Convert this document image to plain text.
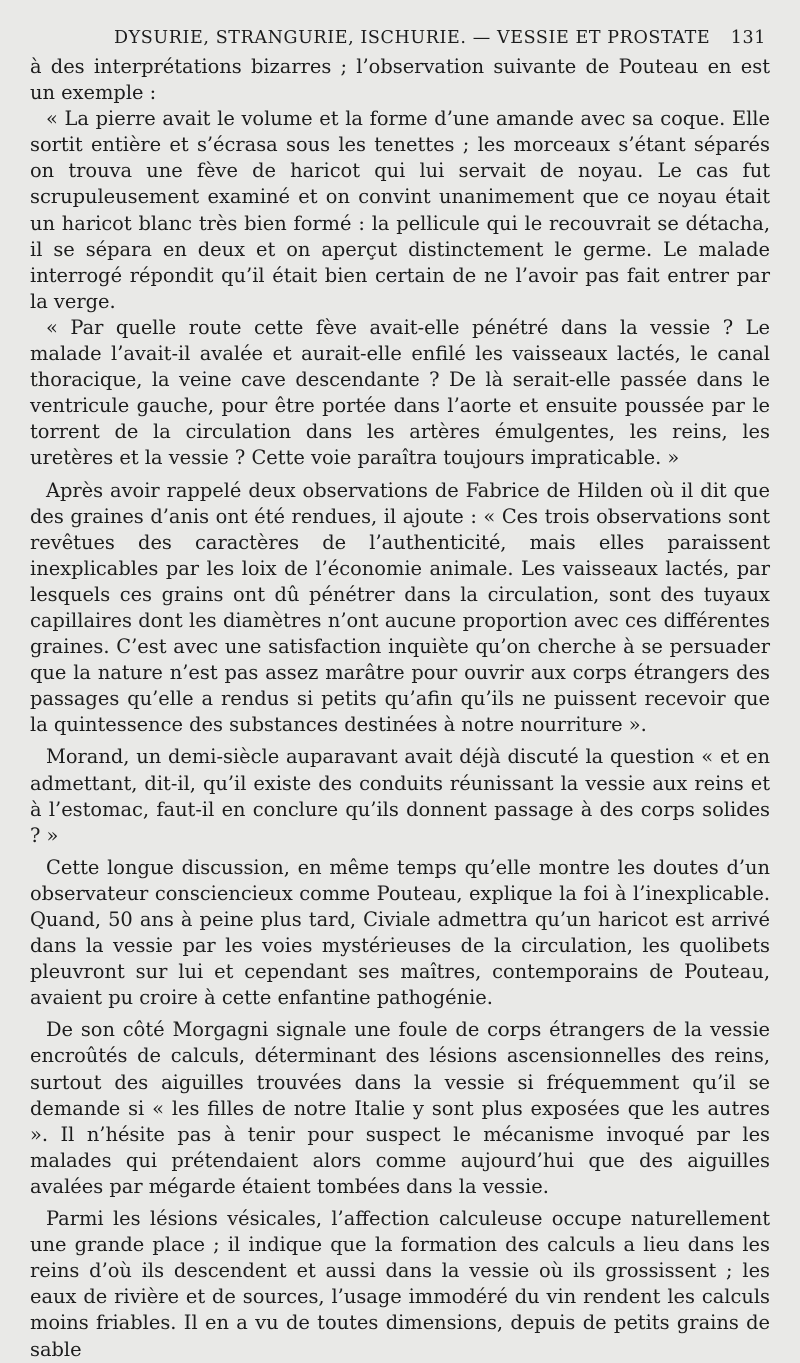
DYSURIE, STRANGURIE, ISCHURIE. — VESSIE ET PROSTATE 131

à des interprétations bizarres ; l’observation suivante de Pouteau en est un exemple :

« La pierre avait le volume et la forme d’une amande avec sa coque. Elle sortit entière et s’écrasa sous les tenettes ; les morceaux s’étant séparés on trouva une fève de haricot qui lui servait de noyau. Le cas fut scrupuleusement examiné et on convint unanimement que ce noyau était un haricot blanc très bien formé : la pellicule qui le recouvrait se détacha, il se sépara en deux et on aperçut distinctement le germe. Le malade interrogé répondit qu’il était bien certain de ne l’avoir pas fait entrer par la verge.

« Par quelle route cette fève avait-elle pénétré dans la vessie ? Le malade l’avait-il avalée et aurait-elle enfilé les vaisseaux lactés, le canal thoracique, la veine cave descendante ? De là serait-elle passée dans le ventricule gauche, pour être portée dans l’aorte et ensuite poussée par le torrent de la circulation dans les artères émulgentes, les reins, les uretères et la vessie ? Cette voie paraîtra toujours impraticable. »

Après avoir rappelé deux observations de Fabrice de Hilden où il dit que des graines d’anis ont été rendues, il ajoute : « Ces trois observations sont revêtues des caractères de l’authenticité, mais elles paraissent inexplicables par les loix de l’économie animale. Les vaisseaux lactés, par lesquels ces grains ont dû pénétrer dans la circulation, sont des tuyaux capillaires dont les diamètres n’ont aucune proportion avec ces différentes graines. C’est avec une satisfaction inquiète qu’on cherche à se persuader que la nature n’est pas assez marâtre pour ouvrir aux corps étrangers des passages qu’elle a rendus si petits qu’afin qu’ils ne puissent recevoir que la quintessence des substances destinées à notre nourriture ».

Morand, un demi-siècle auparavant avait déjà discuté la question « et en admettant, dit-il, qu’il existe des conduits réunissant la vessie aux reins et à l’estomac, faut-il en conclure qu’ils donnent passage à des corps solides ? »

Cette longue discussion, en même temps qu’elle montre les doutes d’un observateur consciencieux comme Pouteau, explique la foi à l’inexplicable. Quand, 50 ans à peine plus tard, Civiale admettra qu’un haricot est arrivé dans la vessie par les voies mystérieuses de la circulation, les quolibets pleuvront sur lui et cependant ses maîtres, contemporains de Pouteau, avaient pu croire à cette enfantine pathogénie.

De son côté Morgagni signale une foule de corps étrangers de la vessie encroûtés de calculs, déterminant des lésions ascensionnelles des reins, surtout des aiguilles trouvées dans la vessie si fréquemment qu’il se demande si « les filles de notre Italie y sont plus exposées que les autres ». Il n’hésite pas à tenir pour suspect le mécanisme invoqué par les malades qui prétendaient alors comme aujourd’hui que des aiguilles avalées par mégarde étaient tombées dans la vessie.

Parmi les lésions vésicales, l’affection calculeuse occupe naturellement une grande place ; il indique que la formation des calculs a lieu dans les reins d’où ils descendent et aussi dans la vessie où ils grossissent ; les eaux de rivière et de sources, l’usage immodéré du vin rendent les calculs moins friables. Il en a vu de toutes dimensions, depuis de petits grains de sable
